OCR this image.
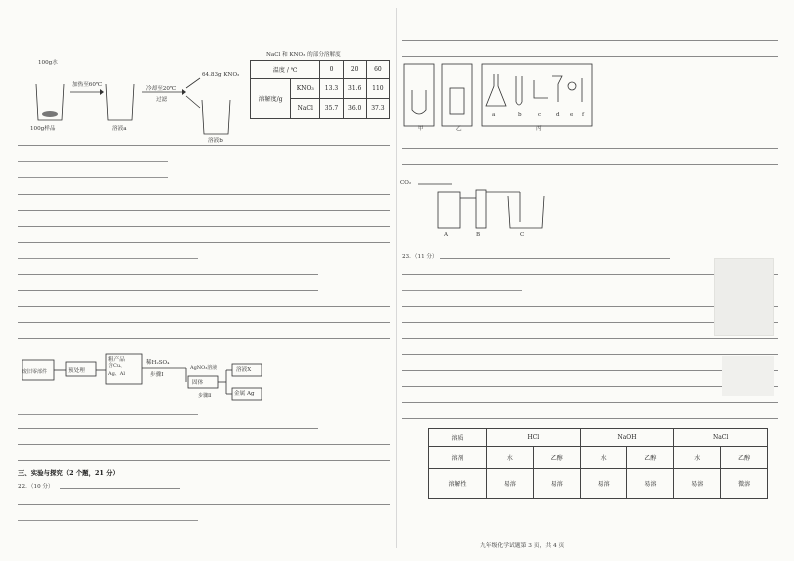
100g水
加热至60℃
100g样品	溶液a
冷却至20℃
过滤
64.83g KNO₃
溶液b
NaCl 和 KNO₃ 的部分溶解度
温度 / ℃		0	20	60
溶解度/g	KNO₃	13.3	31.6	110
	NaCl	35.7	36.0	37.3
废旧零部件	预处理
粗产品
含Cu、
Ag、Al
稀H₂SO₄
步骤Ⅰ
固体
AgNO₃溶液
步骤Ⅱ
溶液X
金属 Ag
三、实验与探究（2 个题，21 分）
22．（10 分）
a	b	c	d e f
甲	乙	丙
CO₂
A	B	C
23．（11 分）
溶质	HCl		NaOH		NaCl	
溶剂	水	乙醇	水	乙醇	水	乙醇
溶解性	易溶	易溶	易溶	易溶	易溶	微溶
九年级化学试题第 3 页，共 4 页
